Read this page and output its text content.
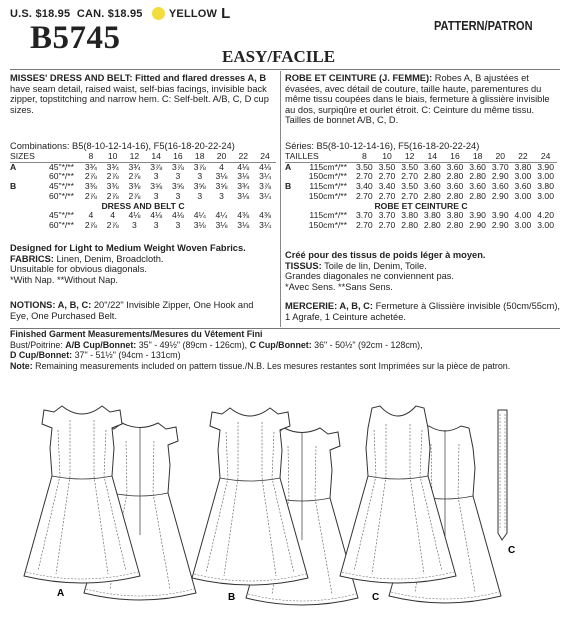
U.S. $18.95 CAN. $18.95 YELLOW L
B5745
EASY/FACILE
PATTERN/PATRON
MISSES' DRESS AND BELT: Fitted and flared dresses A, B
have seam detail, raised waist, self-bias facings, invisible back
zipper, topstitching and narrow hem. C: Self-belt. A/B, C, D cup
sizes.
ROBE ET CEINTURE (J. FEMME): Robes A, B ajustées et
évasées, avec détail de couture, taille haute, parementures du
même tissu coupées dans le biais, fermeture à glissière invisible
au dos, surpiqûre et ourlet étroit. C: Ceinture du même tissu.
Tailles de bonnet A/B, C, D.
Combinations: B5(8-10-12-14-16), F5(16-18-20-22-24)	Séries: B5(8-10-12-14-16), F5(16-18-20-22-24)
SIZES		8	10	12	14	16	18	20	22	24
A	45"*/**	3¾	3¾	3¾	3⅞	3⅞	3⅞	4	4⅛	4⅛
	60"*/**	2⅞	2⅞	2⅞	3	3	3	3⅛	3⅛	3¼
B	45"*/**	3⅜	3⅜	3⅜	3⅝	3⅝	3⅝	3⅝	3¾	3⅞
	60"*/**	2⅞	2⅞	2⅞	3	3	3	3	3⅛	3¼
DRESS AND BELT C										
	45"*/**	4	4	4⅛	4⅛	4⅛	4¼	4¼	4⅜	4⅜
	60"*/**	2⅞	2⅞	3	3	3	3⅛	3⅛	3⅛	3¼
TAILLES		8	10	12	14	16	18	20	22	24
A	115cm*/**	3.50	3.50	3.50	3.60	3.60	3.60	3.70	3.80	3.90
	150cm*/**	2.70	2.70	2.70	2.80	2.80	2.80	2.90	3.00	3.00
B	115cm*/**	3.40	3.40	3.50	3.60	3.60	3.60	3.60	3.60	3.80
	150cm*/**	2.70	2.70	2.70	2.80	2.80	2.80	2.90	3.00	3.00
ROBE ET CEINTURE C										
	115cm*/**	3.70	3.70	3.80	3.80	3.80	3.90	3.90	4.00	4.20
	150cm*/**	2.70	2.70	2.80	2.80	2.80	2.90	2.90	3.00	3.00
Designed for Light to Medium Weight Woven Fabrics.
FABRICS: Linen, Denim, Broadcloth.
Unsuitable for obvious diagonals.
*With Nap. **Without Nap.
Créé pour des tissus de poids léger à moyen.
TISSUS: Toile de lin, Denim, Toile.
Grandes diagonales ne conviennent pas.
*Avec Sens. **Sans Sens.
NOTIONS: A, B, C: 20"/22" Invisible Zipper, One Hook and
Eye, One Purchased Belt.
MERCERIE: A, B, C: Fermeture à Glissière invisible (50cm/55cm),
1 Agrafe, 1 Ceinture achetée.
Finished Garment Measurements/Mesures du Vêtement Fini
Bust/Poitrine: A/B Cup/Bonnet: 35" - 49½" (89cm - 126cm), C Cup/Bonnet: 36" - 50½" (92cm - 128cm),
D Cup/Bonnet: 37" - 51½" (94cm - 131cm)
Note: Remaining measurements included on pattern tissue./N.B. Les mesures restantes sont Imprimées sur la pièce de patron.
A	B	C
C
